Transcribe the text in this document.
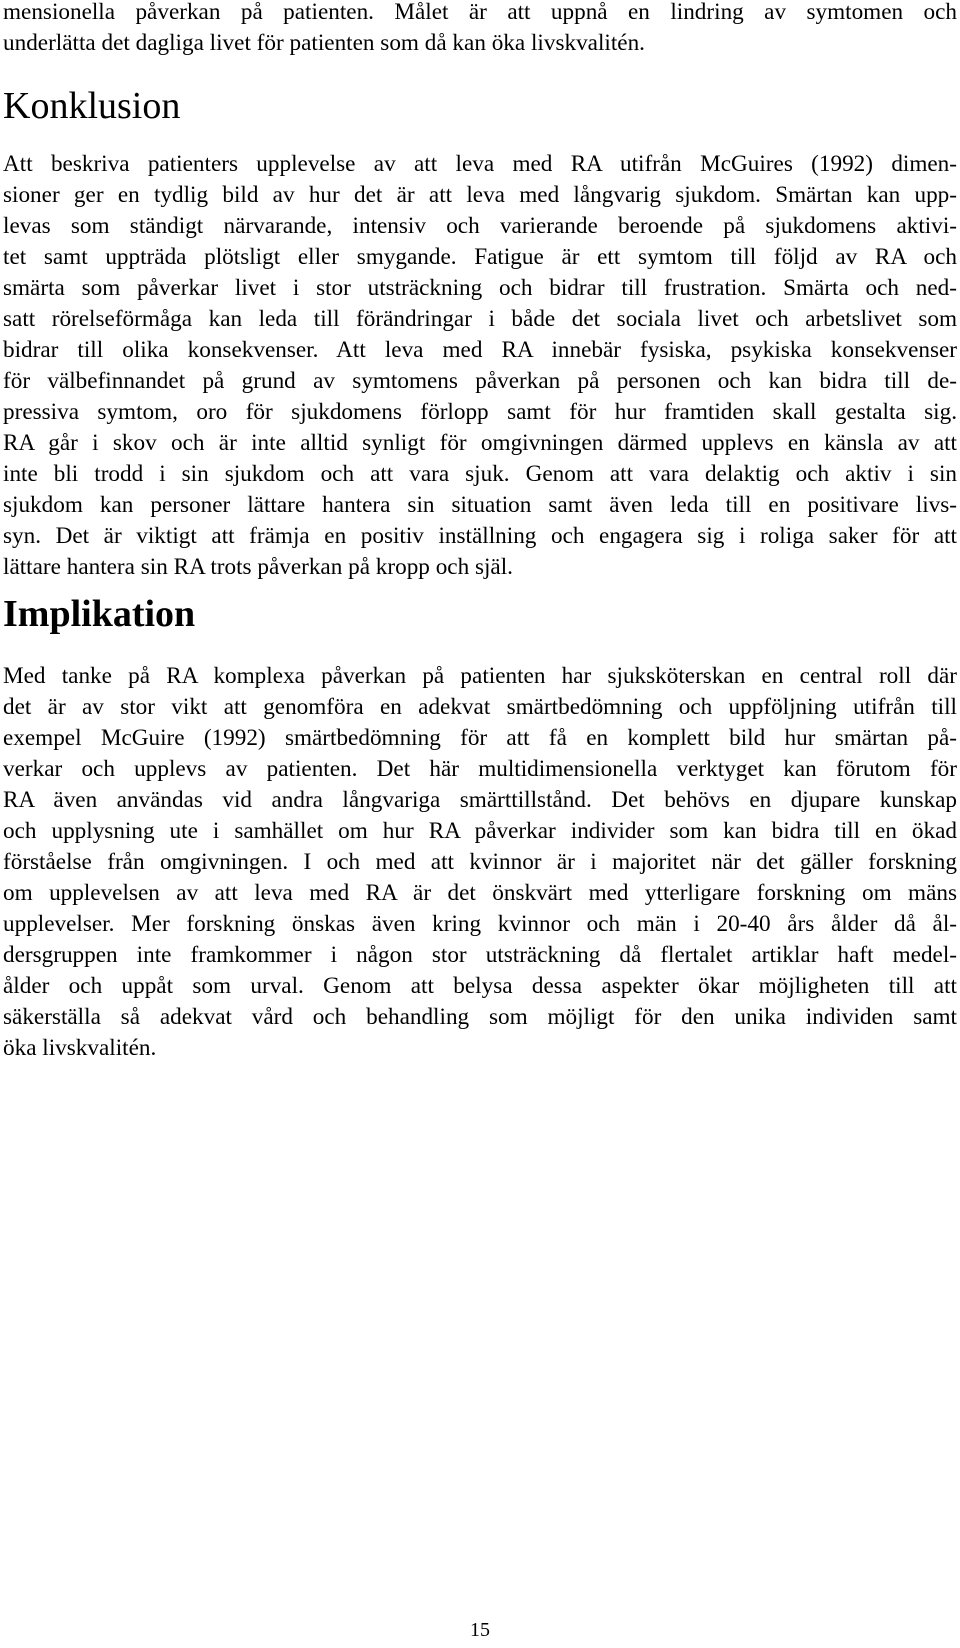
mensionella påverkan på patienten. Målet är att uppnå en lindring av symtomen och
underlätta det dagliga livet för patienten som då kan öka livskvalitén.
Konklusion
Att beskriva patienters upplevelse av att leva med RA utifrån McGuires (1992) dimen-
sioner ger en tydlig bild av hur det är att leva med långvarig sjukdom. Smärtan kan upp-
levas som ständigt närvarande, intensiv och varierande beroende på sjukdomens aktivi-
tet samt uppträda plötsligt eller smygande. Fatigue är ett symtom till följd av RA och
smärta som påverkar livet i stor utsträckning och bidrar till frustration. Smärta och ned-
satt rörelseförmåga kan leda till förändringar i både det sociala livet och arbetslivet som
bidrar till olika konsekvenser. Att leva med RA innebär fysiska, psykiska konsekvenser
för välbefinnandet på grund av symtomens påverkan på personen och kan bidra till de-
pressiva symtom, oro för sjukdomens förlopp samt för hur framtiden skall gestalta sig.
RA går i skov och är inte alltid synligt för omgivningen därmed upplevs en känsla av att
inte bli trodd i sin sjukdom och att vara sjuk. Genom att vara delaktig och aktiv i sin
sjukdom kan personer lättare hantera sin situation samt även leda till en positivare livs-
syn. Det är viktigt att främja en positiv inställning och engagera sig i roliga saker för att
lättare hantera sin RA trots påverkan på kropp och själ.
Implikation
Med tanke på RA komplexa påverkan på patienten har sjuksköterskan en central roll där
det är av stor vikt att genomföra en adekvat smärtbedömning och uppföljning utifrån till
exempel McGuire (1992) smärtbedömning för att få en komplett bild hur smärtan på-
verkar och upplevs av patienten. Det här multidimensionella verktyget kan förutom för
RA även användas vid andra långvariga smärttillstånd. Det behövs en djupare kunskap
och upplysning ute i samhället om hur RA påverkar individer som kan bidra till en ökad
förståelse från omgivningen. I och med att kvinnor är i majoritet när det gäller forskning
om upplevelsen av att leva med RA är det önskvärt med ytterligare forskning om mäns
upplevelser. Mer forskning önskas även kring kvinnor och män i 20-40 års ålder då ål-
dersgruppen inte framkommer i någon stor utsträckning då flertalet artiklar haft medel-
ålder och uppåt som urval. Genom att belysa dessa aspekter ökar möjligheten till att
säkerställa så adekvat vård och behandling som möjligt för den unika individen samt
öka livskvalitén.
15
